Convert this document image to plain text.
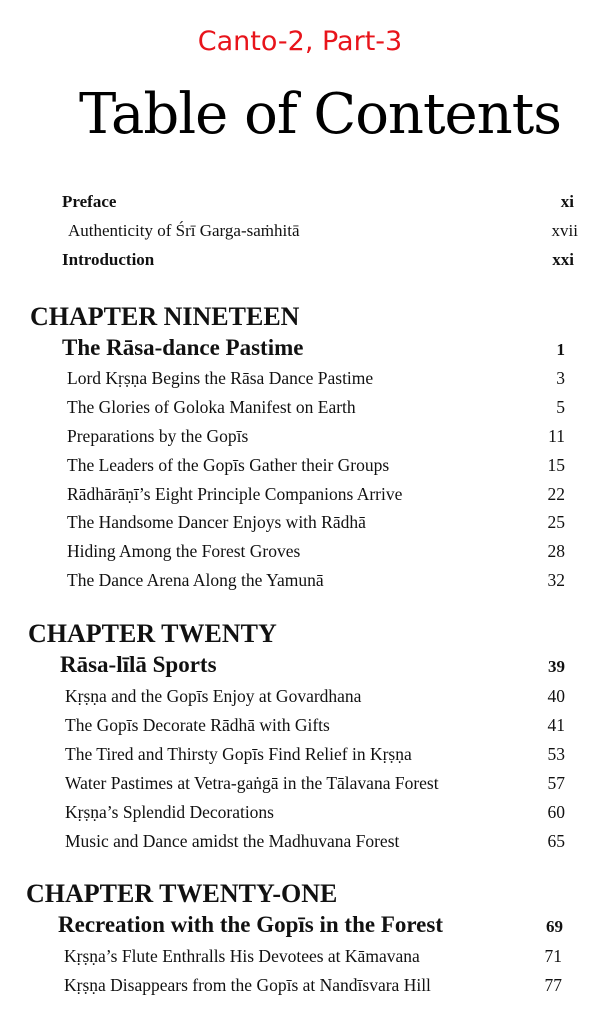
Canto-2, Part-3
Table of Contents
Preface	xi
Authenticity of Śrī Garga-saṁhitā	xvii
Introduction	xxi
CHAPTER NINETEEN
The Rāsa-dance Pastime	1
Lord Kṛṣṇa Begins the Rāsa Dance Pastime	3
The Glories of Goloka Manifest on Earth	5
Preparations by the Gopīs	11
The Leaders of the Gopīs Gather their Groups	15
Rādhārāṇī’s Eight Principle Companions Arrive	22
The Handsome Dancer Enjoys with Rādhā	25
Hiding Among the Forest Groves	28
The Dance Arena Along the Yamunā	32
CHAPTER TWENTY
Rāsa-līlā Sports	39
Kṛṣṇa and the Gopīs Enjoy at Govardhana	40
The Gopīs Decorate Rādhā with Gifts	41
The Tired and Thirsty Gopīs Find Relief in Kṛṣṇa	53
Water Pastimes at Vetra-gaṅgā in the Tālavana Forest	57
Kṛṣṇa’s Splendid Decorations	60
Music and Dance amidst the Madhuvana Forest	65
CHAPTER TWENTY-ONE
Recreation with the Gopīs in the Forest	69
Kṛṣṇa’s Flute Enthralls His Devotees at Kāmavana	71
Kṛṣṇa Disappears from the Gopīs at Nandīsvara Hill	77
